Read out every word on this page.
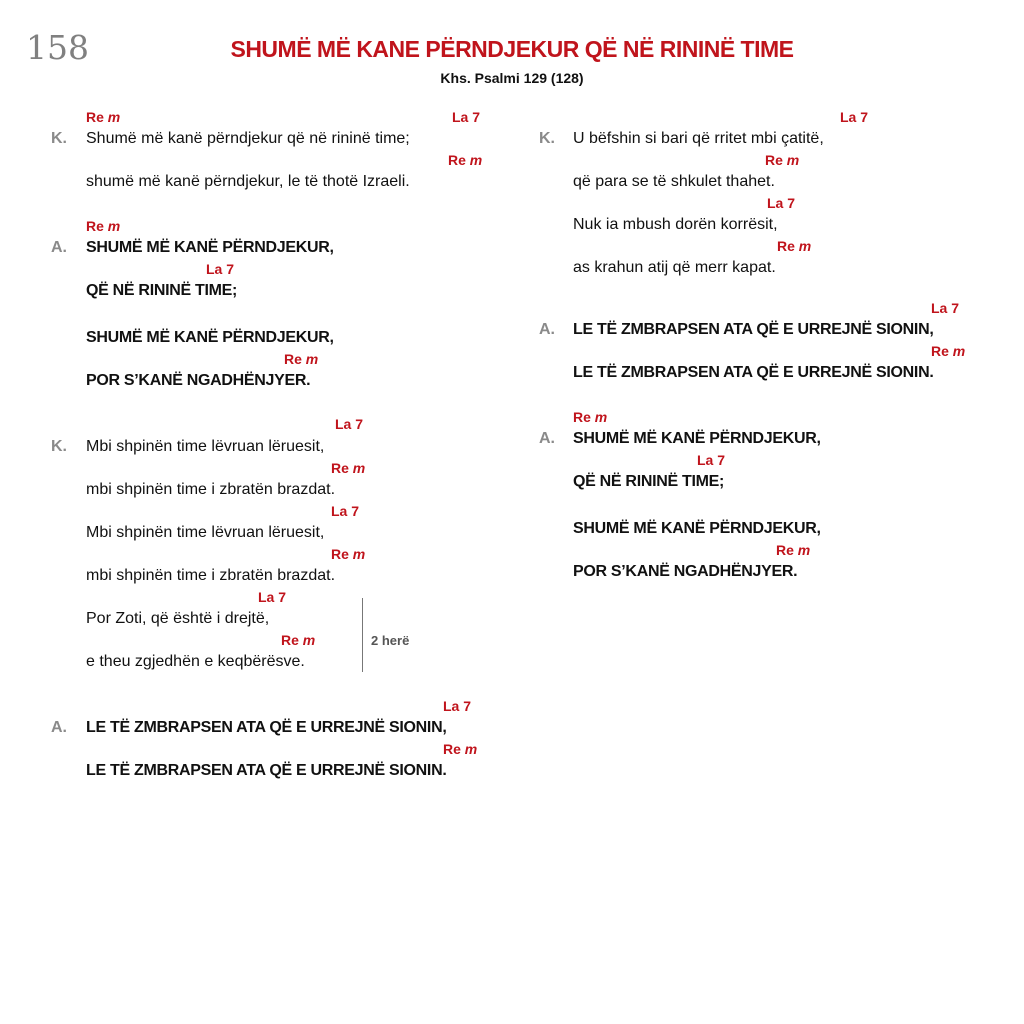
158	SHUMË MË KANE PËRNDJEKUR QË NË RININË TIME
Khs. Psalmi 129 (128)
Re m	La 7
K. Shumë më kanë përndjekur që në rininë time;
Re m
shumë më kanë përndjekur, le të thotë Izraeli.
Re m
A. SHUMË MË KANË PËRNDJEKUR,
La 7
QË NË RININË TIME;
SHUMË MË KANË PËRNDJEKUR,
Re m
POR S’KANË NGADHËNJYER.
La 7
K. Mbi shpinën time lëvruan lëruesit,
Re m
mbi shpinën time i zbratën brazdat.
La 7
Mbi shpinën time lëvruan lëruesit,
Re m
mbi shpinën time i zbratën brazdat.
La 7
Por Zoti, që është i drejtë,
Re m
e theu zgjedhën e keqbërësve.
2 herë
La 7
A. LE TË ZMBRAPSEN ATA QË E URREJNË SIONIN,
Re m
LE TË ZMBRAPSEN ATA QË E URREJNË SIONIN.
La 7
K. U bëfshin si bari që rritet mbi çatitë,
Re m
që para se të shkulet thahet.
La 7
Nuk ia mbush dorën korrësit,
Re m
as krahun atij që merr kapat.
La 7
A. LE TË ZMBRAPSEN ATA QË E URREJNË SIONIN,
Re m
LE TË ZMBRAPSEN ATA QË E URREJNË SIONIN.
Re m
A. SHUMË MË KANË PËRNDJEKUR,
La 7
QË NË RININË TIME;
SHUMË MË KANË PËRNDJEKUR,
Re m
POR S’KANË NGADHËNJYER.
